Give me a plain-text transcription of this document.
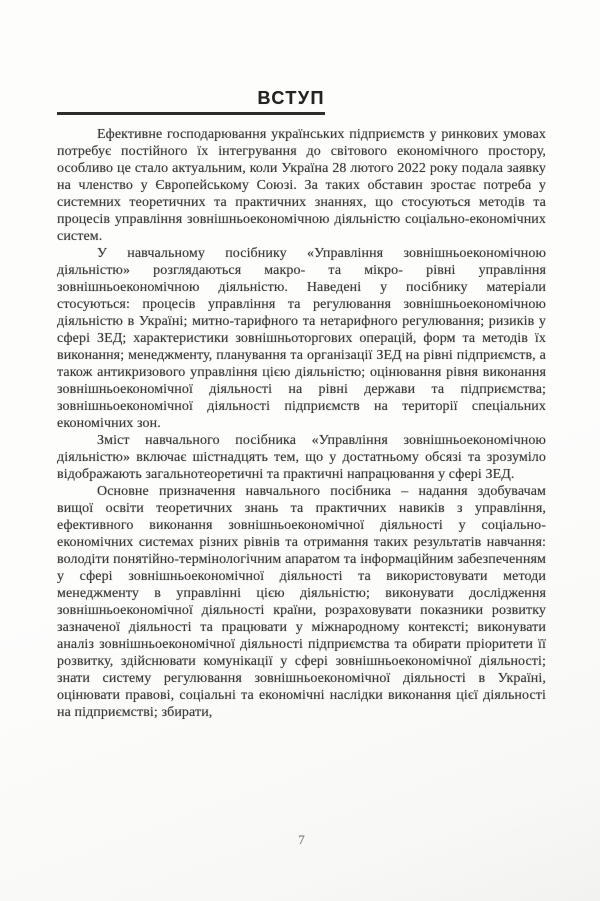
ВСТУП

Ефективне господарювання українських підприємств у ринкових умовах потребує постійного їх інтегрування до світового економічного простору, особливо це стало актуальним, коли Україна 28 лютого 2022 року подала заявку на членство у Європейському Союзі. За таких обставин зростає потреба у системних теоретичних та практичних знаннях, що стосуються методів та процесів управління зовнішньоекономічною діяльністю соціально-економічних систем.

У навчальному посібнику «Управління зовнішньоекономічною діяльністю» розглядаються макро- та мікро- рівні управління зовнішньоекономічною діяльністю. Наведені у посібнику матеріали стосуються: процесів управління та регулювання зовнішньоекономічною діяльністю в Україні; митно-тарифного та нетарифного регулювання; ризиків у сфері ЗЕД; характеристики зовнішньоторгових операцій, форм та методів їх виконання; менеджменту, планування та організації ЗЕД на рівні підприємств, а також антикризового управління цією діяльністю; оцінювання рівня виконання зовнішньоекономічної діяльності на рівні держави та підприємства; зовнішньоекономічної діяльності підприємств на території спеціальних економічних зон.

Зміст навчального посібника «Управління зовнішньоекономічною діяльністю» включає шістнадцять тем, що у достатньому обсязі та зрозуміло відображають загальнотеоретичні та практичні напрацювання у сфері ЗЕД.

Основне призначення навчального посібника – надання здобувачам вищої освіти теоретичних знань та практичних навиків з управління, ефективного виконання зовнішньоекономічної діяльності у соціально-економічних системах різних рівнів та отримання таких результатів навчання: володіти понятійно-термінологічним апаратом та інформаційним забезпеченням у сфері зовнішньоекономічної діяльності та використовувати методи менеджменту в управлінні цією діяльністю; виконувати дослідження зовнішньоекономічної діяльності країни, розраховувати показники розвитку зазначеної діяльності та працювати у міжнародному контексті; виконувати аналіз зовнішньоекономічної діяльності підприємства та обирати пріоритети її розвитку, здійснювати комунікації у сфері зовнішньоекономічної діяльності; знати систему регулювання зовнішньоекономічної діяльності в Україні, оцінювати правові, соціальні та економічні наслідки виконання цієї діяльності на підприємстві; збирати,

7
